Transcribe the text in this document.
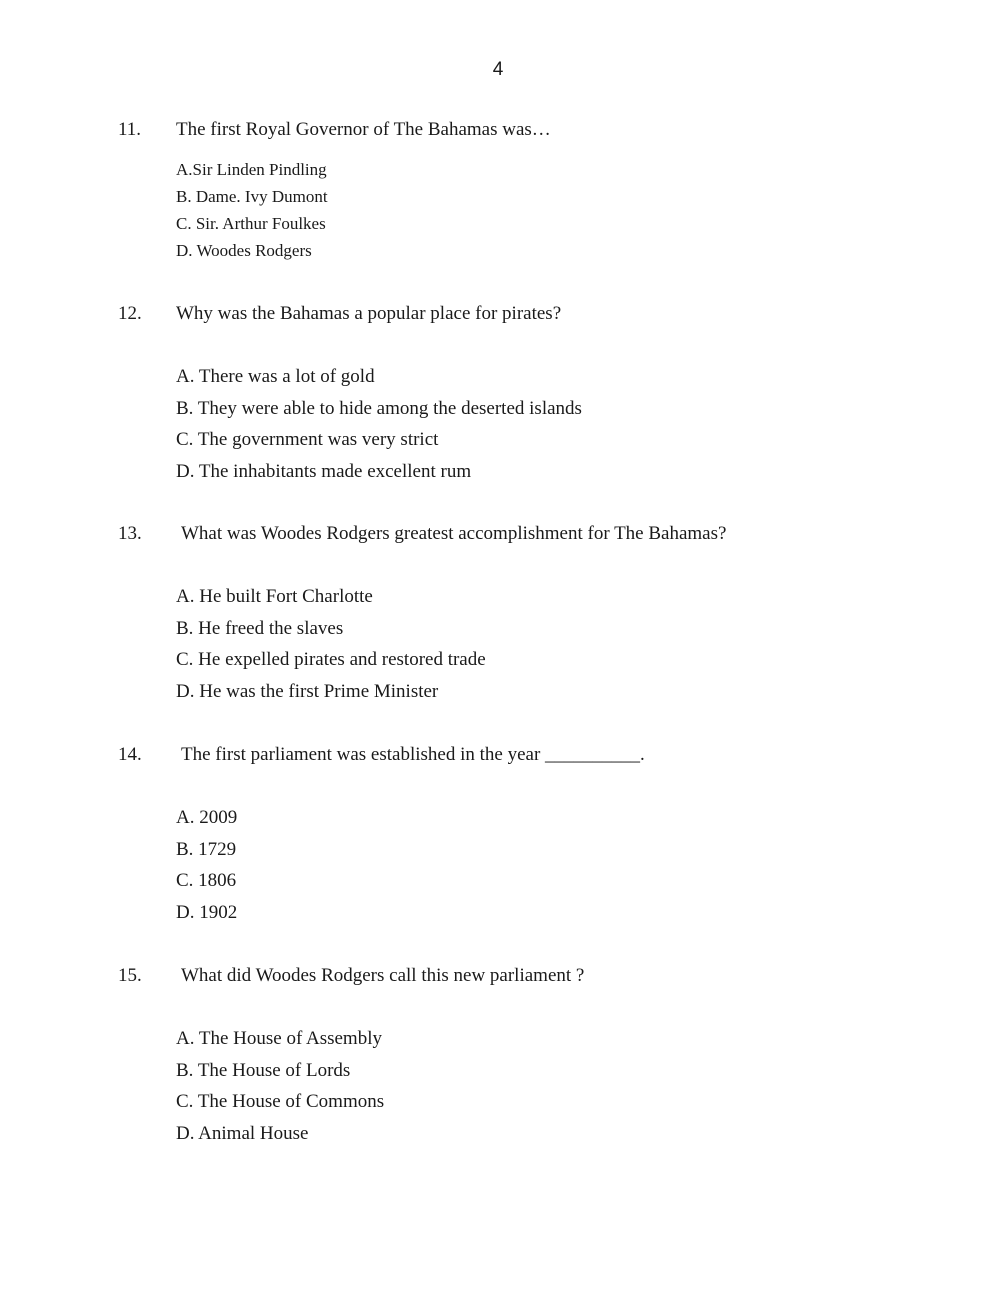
4
11. The first Royal Governor of The Bahamas was…
A.Sir Linden Pindling
B. Dame. Ivy Dumont
C. Sir. Arthur Foulkes
D. Woodes Rodgers
12. Why was the Bahamas a popular place for pirates?
A. There was a lot of gold
B. They were able to hide among the deserted islands
C. The government was very strict
D. The inhabitants made excellent rum
13. What was Woodes Rodgers greatest accomplishment for The Bahamas?
A. He built Fort Charlotte
B. He freed the slaves
C. He expelled pirates and restored trade
D. He was the first Prime Minister
14. The first parliament was established in the year __________.
A. 2009
B. 1729
C. 1806
D. 1902
15. What did Woodes Rodgers call this new parliament ?
A. The House of Assembly
B. The House of Lords
C. The House of Commons
D. Animal House
